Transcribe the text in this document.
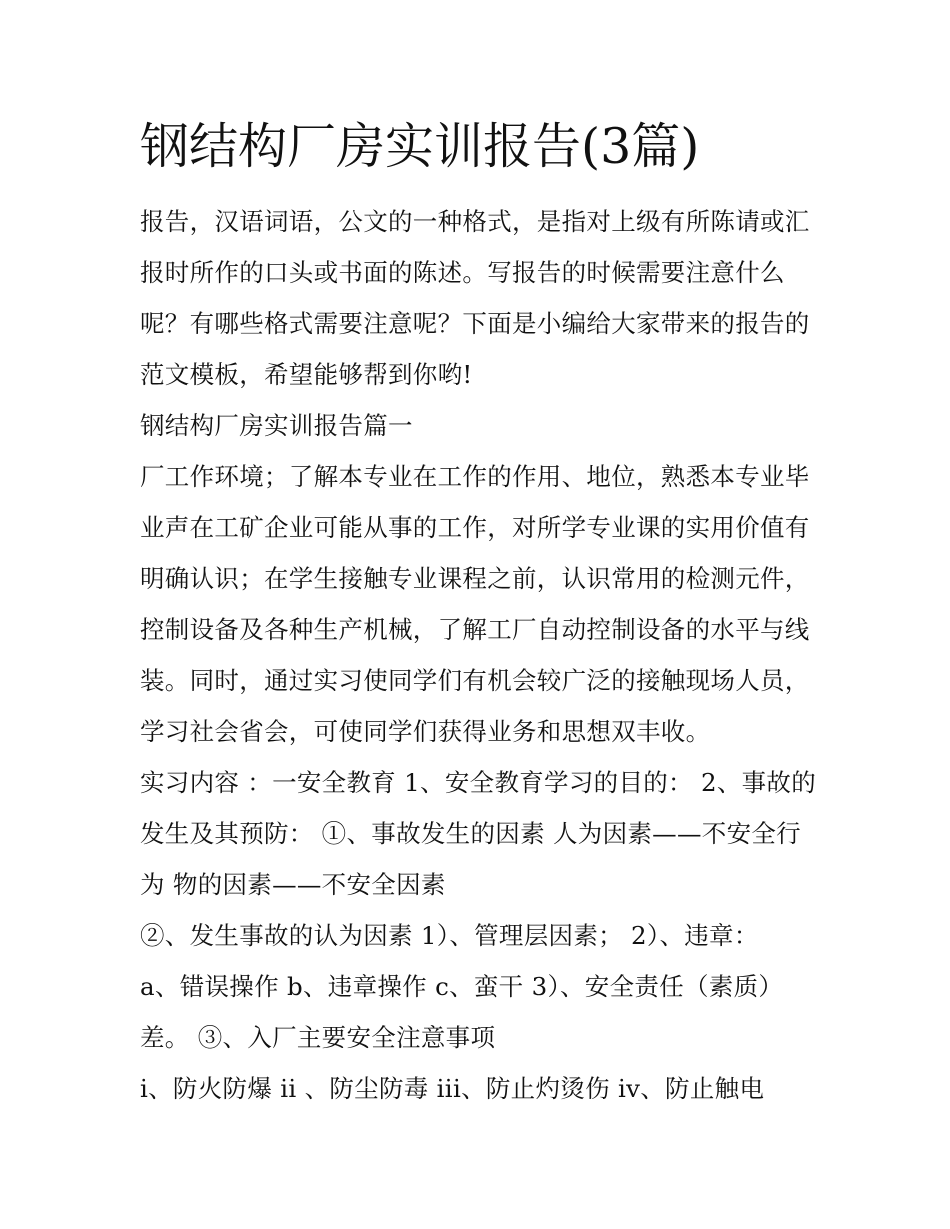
钢结构厂房实训报告(3篇)

报告，汉语词语，公文的一种格式，是指对上级有所陈请或汇

报时所作的口头或书面的陈述。写报告的时候需要注意什么

呢？有哪些格式需要注意呢？下面是小编给大家带来的报告的

范文模板，希望能够帮到你哟!

钢结构厂房实训报告篇一

厂工作环境；了解本专业在工作的作用、地位，熟悉本专业毕

业声在工矿企业可能从事的工作，对所学专业课的实用价值有

明确认识；在学生接触专业课程之前，认识常用的检测元件，

控制设备及各种生产机械，了解工厂自动控制设备的水平与线

装。同时，通过实习使同学们有机会较广泛的接触现场人员，

学习社会省会，可使同学们获得业务和思想双丰收。

实习内容 ：一安全教育 1、安全教育学习的目的： 2、事故的

发生及其预防： ①、事故发生的因素 人为因素——不安全行

为 物的因素——不安全因素

②、发生事故的认为因素 1）、管理层因素； 2）、违章：

a、错误操作 b、违章操作 c、蛮干 3）、安全责任（素质）

差。 ③、入厂主要安全注意事项

i、防火防爆 ii 、防尘防毒 iii、防止灼烫伤 iv、防止触电
